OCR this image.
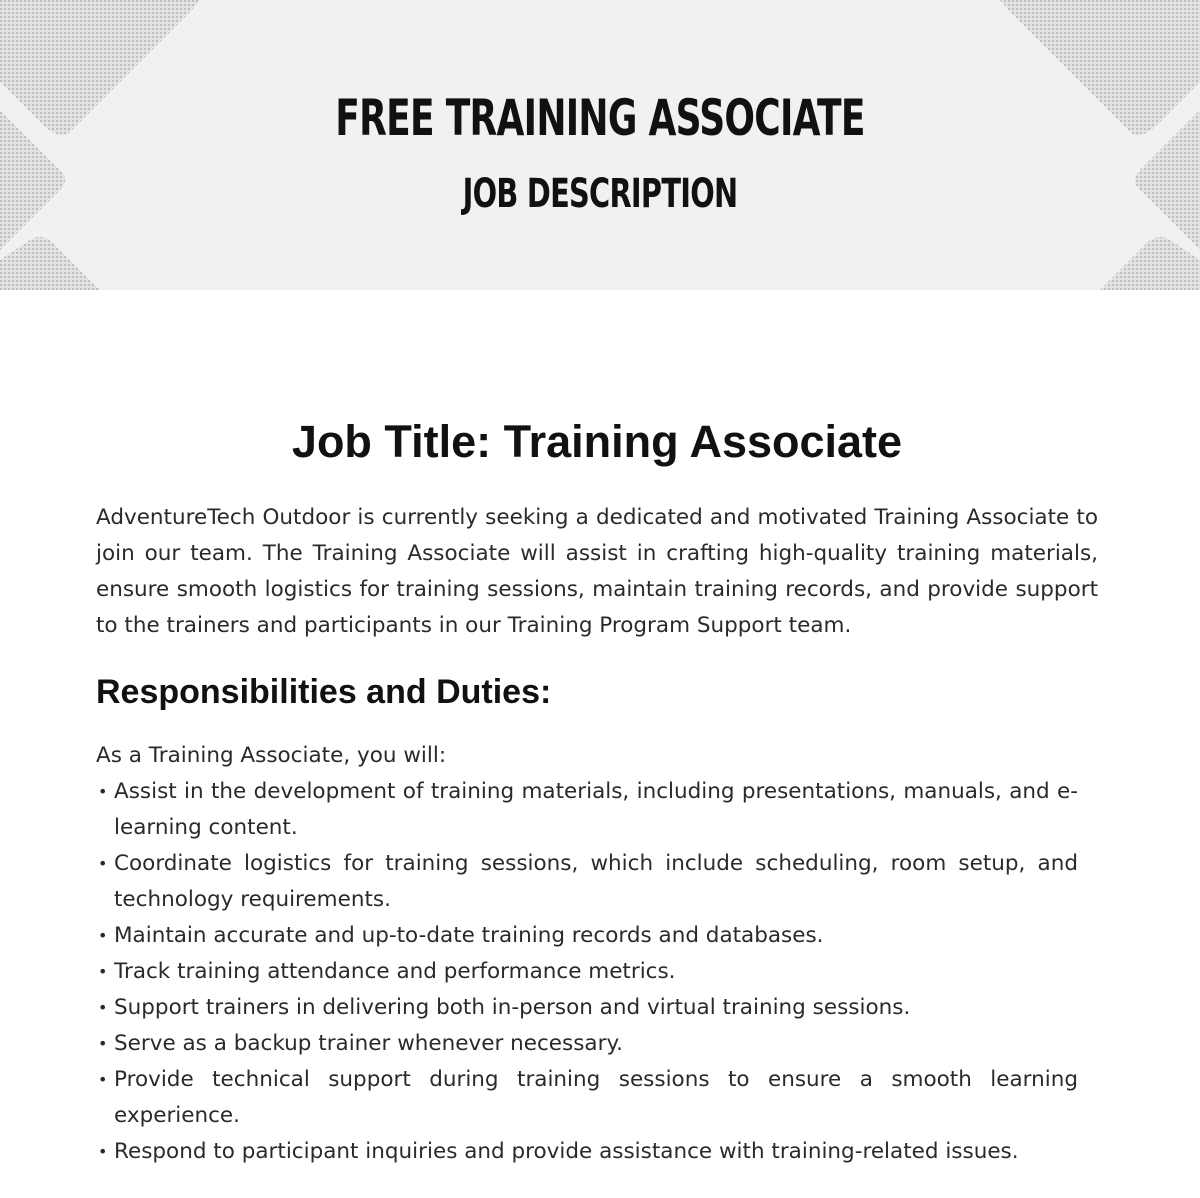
FREE TRAINING ASSOCIATE
JOB DESCRIPTION
Job Title: Training Associate

AdventureTech Outdoor is currently seeking a dedicated and motivated Training Associate to join our team. The Training Associate will assist in crafting high-quality training materials, ensure smooth logistics for training sessions, maintain training records, and provide support to the trainers and participants in our Training Program Support team.

Responsibilities and Duties:

As a Training Associate, you will:

• Assist in the development of training materials, including presentations, manuals, and e-learning content.
• Coordinate logistics for training sessions, which include scheduling, room setup, and technology requirements.
• Maintain accurate and up-to-date training records and databases.
• Track training attendance and performance metrics.
• Support trainers in delivering both in-person and virtual training sessions.
• Serve as a backup trainer whenever necessary.
• Provide technical support during training sessions to ensure a smooth learning experience.
• Respond to participant inquiries and provide assistance with training-related issues.
